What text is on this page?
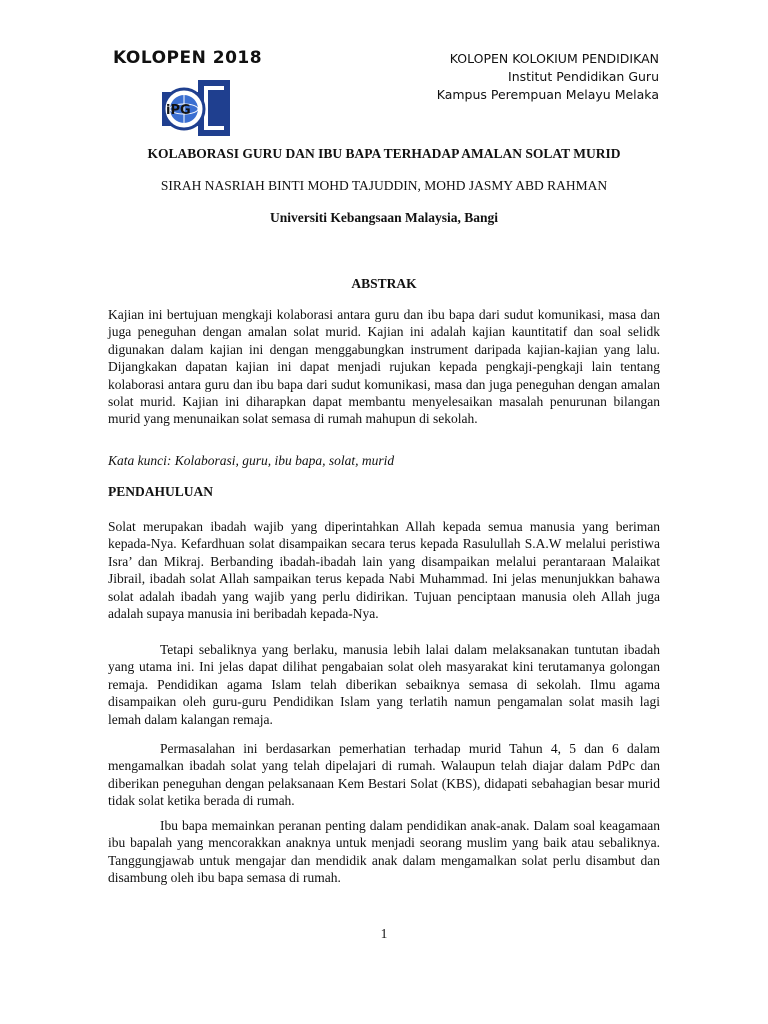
KOLOPEN 2018
iPG
KOLOPEN KOLOKIUM PENDIDIKAN
Institut Pendidikan Guru
Kampus Perempuan Melayu Melaka
KOLABORASI GURU DAN IBU BAPA TERHADAP AMALAN SOLAT MURID
SIRAH NASRIAH BINTI MOHD TAJUDDIN, MOHD JASMY ABD RAHMAN
Universiti Kebangsaan Malaysia, Bangi
ABSTRAK
Kajian ini bertujuan mengkaji kolaborasi antara guru dan ibu bapa dari sudut komunikasi, masa dan juga peneguhan dengan amalan solat murid. Kajian ini adalah kajian kauntitatif dan soal selidk digunakan dalam kajian ini dengan menggabungkan instrument daripada kajian-kajian yang lalu. Dijangkakan dapatan kajian ini dapat menjadi rujukan kepada pengkaji-pengkaji lain tentang kolaborasi antara guru dan ibu bapa dari sudut komunikasi, masa dan juga peneguhan dengan amalan solat murid. Kajian ini diharapkan dapat membantu menyelesaikan masalah penurunan bilangan murid yang menunaikan solat semasa di rumah mahupun di sekolah.
Kata kunci: Kolaborasi, guru, ibu bapa, solat, murid
PENDAHULUAN
Solat merupakan ibadah wajib yang diperintahkan Allah kepada semua manusia yang beriman kepada-Nya. Kefardhuan solat disampaikan secara terus kepada Rasulullah S.A.W melalui peristiwa Isra’ dan Mikraj. Berbanding ibadah-ibadah lain yang disampaikan melalui perantaraan Malaikat Jibrail, ibadah solat Allah sampaikan terus kepada Nabi Muhammad. Ini jelas menunjukkan bahawa solat adalah ibadah yang wajib yang perlu didirikan. Tujuan penciptaan manusia oleh Allah juga adalah supaya manusia ini beribadah kepada-Nya.
Tetapi sebaliknya yang berlaku, manusia lebih lalai dalam melaksanakan tuntutan ibadah yang utama ini. Ini jelas dapat dilihat pengabaian solat oleh masyarakat kini terutamanya golongan remaja. Pendidikan agama Islam telah diberikan sebaiknya semasa di sekolah. Ilmu agama disampaikan oleh guru-guru Pendidikan Islam yang terlatih namun pengamalan solat masih lagi lemah dalam kalangan remaja.
Permasalahan ini berdasarkan pemerhatian terhadap murid Tahun 4, 5 dan 6 dalam mengamalkan ibadah solat yang telah dipelajari di rumah. Walaupun telah diajar dalam PdPc dan diberikan peneguhan dengan pelaksanaan Kem Bestari Solat (KBS), didapati sebahagian besar murid tidak solat ketika berada di rumah.
Ibu bapa memainkan peranan penting dalam pendidikan anak-anak. Dalam soal keagamaan ibu bapalah yang mencorakkan anaknya untuk menjadi seorang muslim yang baik atau sebaliknya. Tanggungjawab untuk mengajar dan mendidik anak dalam mengamalkan solat perlu disambut dan disambung oleh ibu bapa semasa di rumah.
1
